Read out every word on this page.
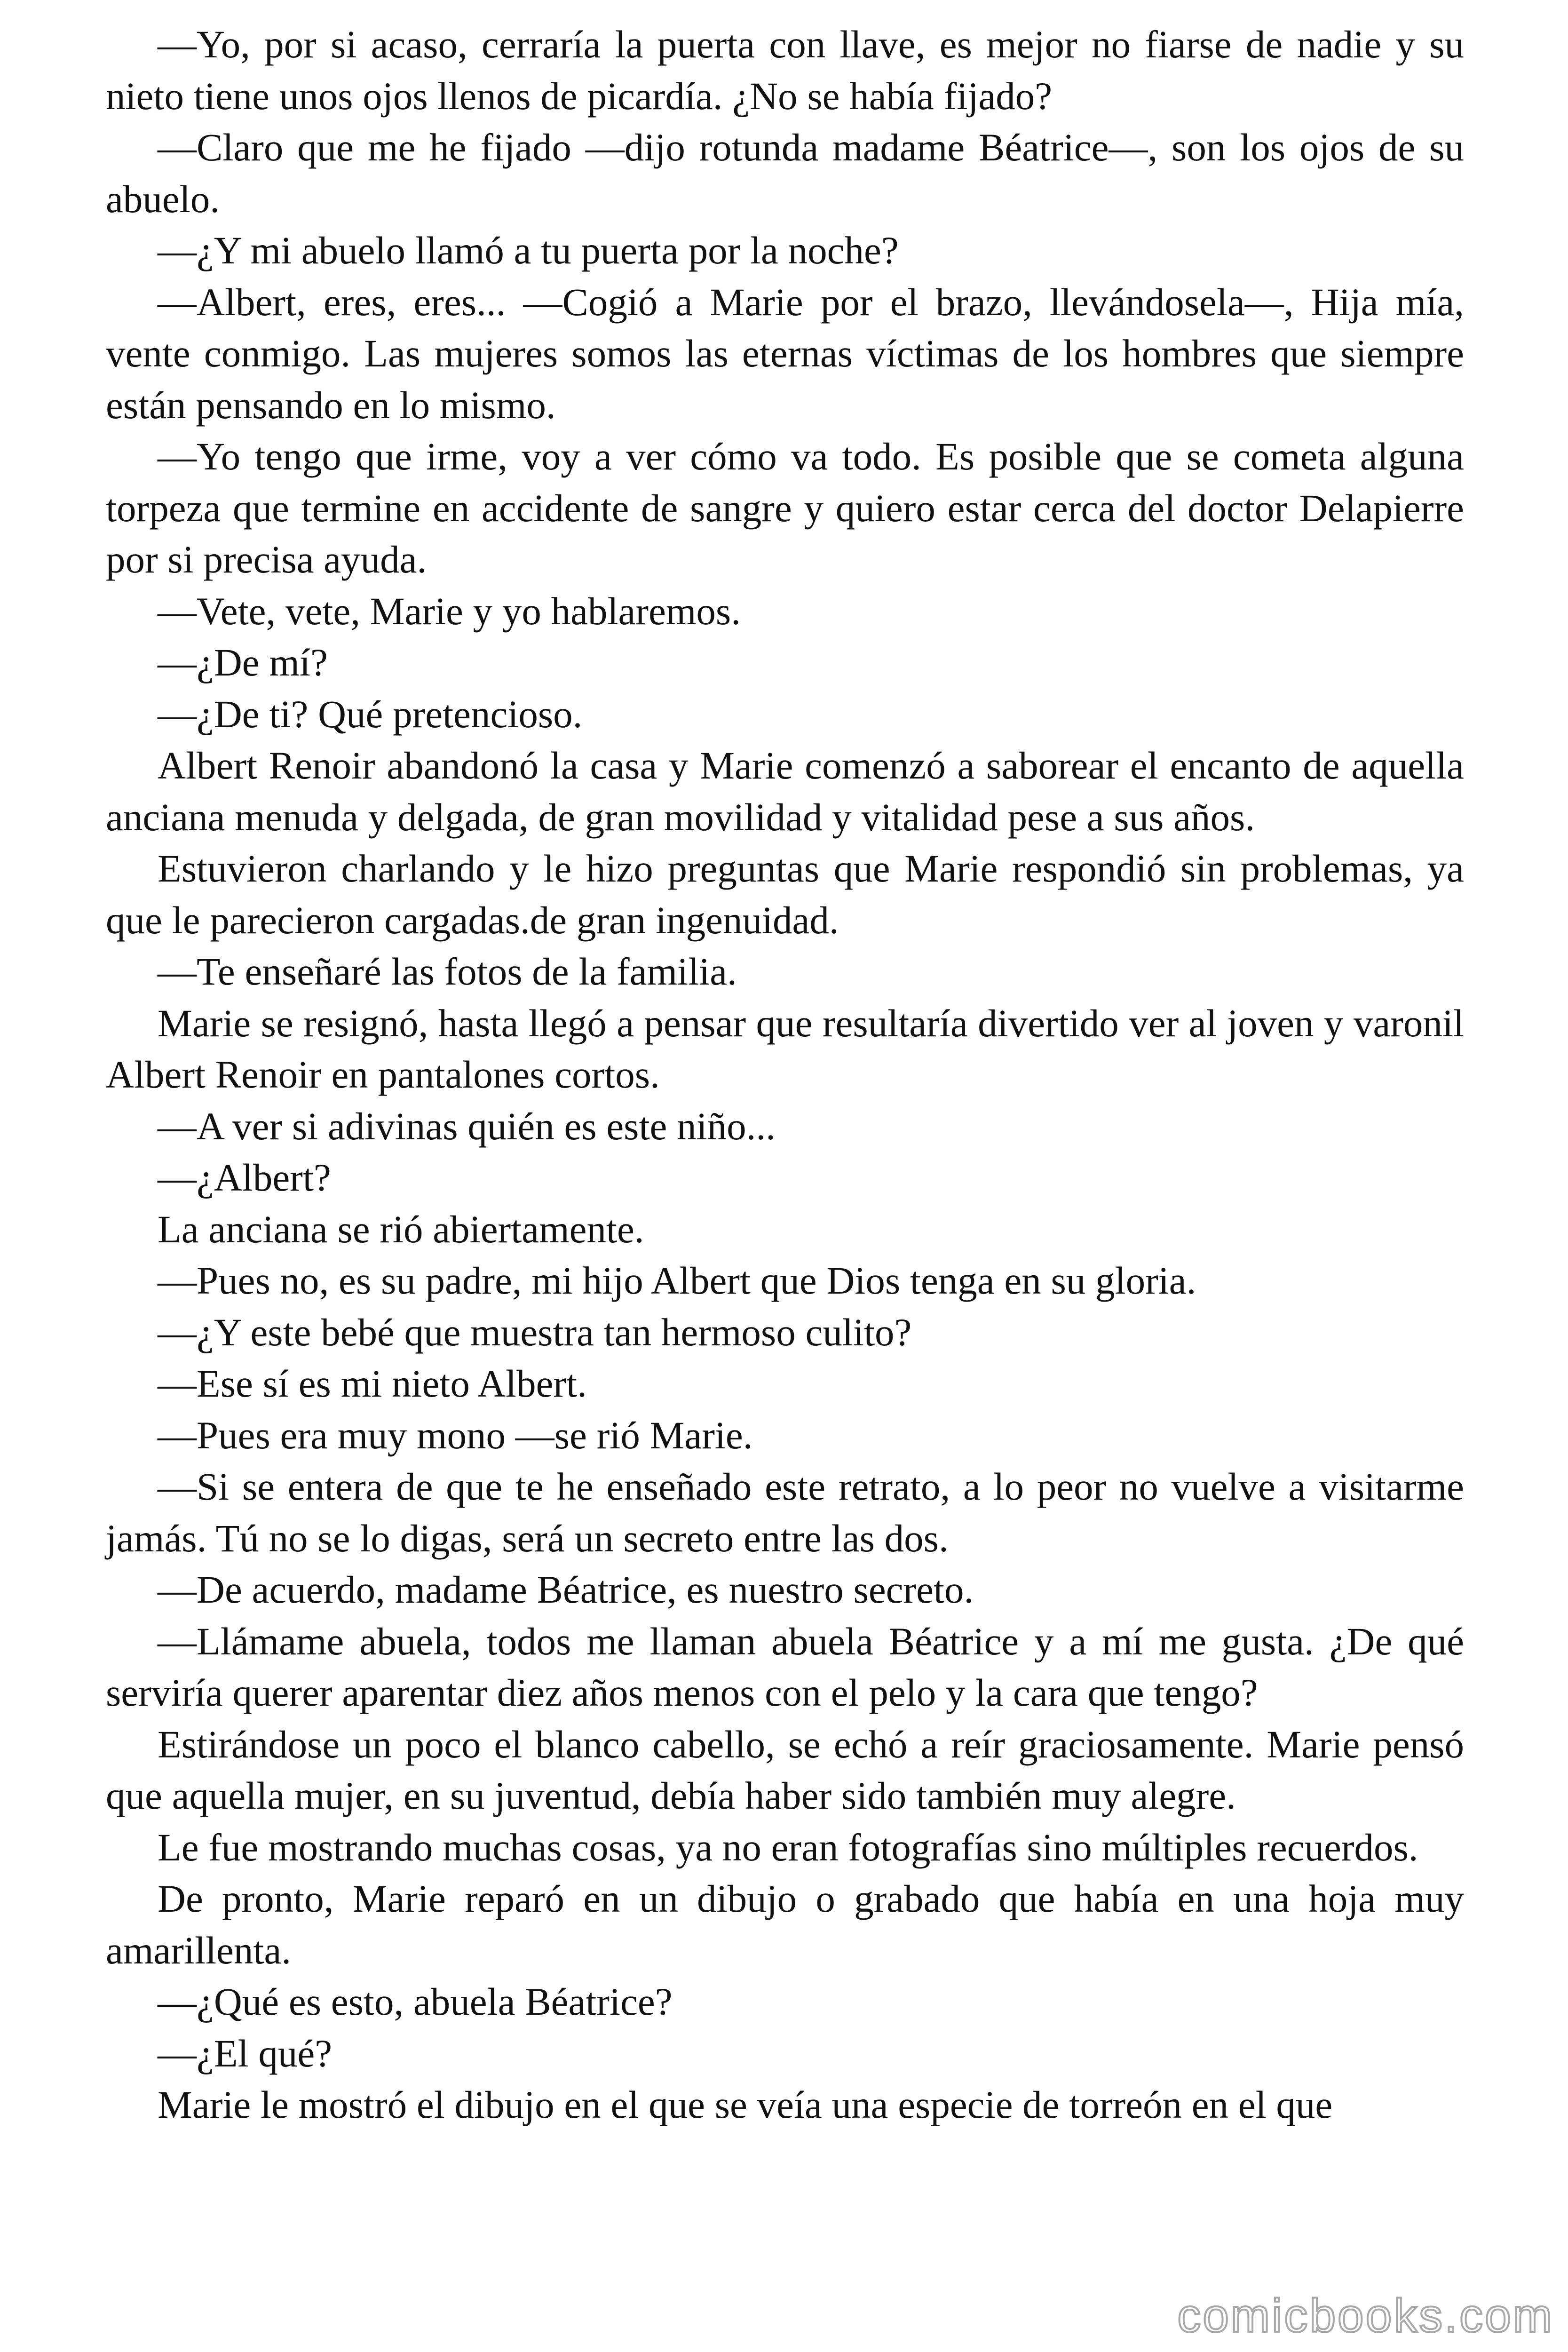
—Yo, por si acaso, cerraría la puerta con llave, es mejor no fiarse de nadie y su nieto tiene unos ojos llenos de picardía. ¿No se había fijado?

—Claro que me he fijado —dijo rotunda madame Béatrice—, son los ojos de su abuelo.

—¿Y mi abuelo llamó a tu puerta por la noche?

—Albert, eres, eres... —Cogió a Marie por el brazo, llevándosela—, Hija mía, vente conmigo. Las mujeres somos las eternas víctimas de los hombres que siempre están pensando en lo mismo.

—Yo tengo que irme, voy a ver cómo va todo. Es posible que se cometa alguna torpeza que termine en accidente de sangre y quiero estar cerca del doctor Delapierre por si precisa ayuda.

—Vete, vete, Marie y yo hablaremos.

—¿De mí?

—¿De ti? Qué pretencioso.

Albert Renoir abandonó la casa y Marie comenzó a saborear el encanto de aquella anciana menuda y delgada, de gran movilidad y vitalidad pese a sus años.

Estuvieron charlando y le hizo preguntas que Marie respondió sin problemas, ya que le parecieron cargadas.de gran ingenuidad.

—Te enseñaré las fotos de la familia.

Marie se resignó, hasta llegó a pensar que resultaría divertido ver al joven y varonil Albert Renoir en pantalones cortos.

—A ver si adivinas quién es este niño...

—¿Albert?

La anciana se rió abiertamente.

—Pues no, es su padre, mi hijo Albert que Dios tenga en su gloria.

—¿Y este bebé que muestra tan hermoso culito?

—Ese sí es mi nieto Albert.

—Pues era muy mono —se rió Marie.

—Si se entera de que te he enseñado este retrato, a lo peor no vuelve a visitarme jamás. Tú no se lo digas, será un secreto entre las dos.

—De acuerdo, madame Béatrice, es nuestro secreto.

—Llámame abuela, todos me llaman abuela Béatrice y a mí me gusta. ¿De qué serviría querer aparentar diez años menos con el pelo y la cara que tengo?

Estirándose un poco el blanco cabello, se echó a reír graciosamente. Marie pensó que aquella mujer, en su juventud, debía haber sido también muy alegre.

Le fue mostrando muchas cosas, ya no eran fotografías sino múltiples recuerdos.

De pronto, Marie reparó en un dibujo o grabado que había en una hoja muy amarillenta.

—¿Qué es esto, abuela Béatrice?

—¿El qué?

Marie le mostró el dibujo en el que se veía una especie de torreón en el que

comicbooks.com
